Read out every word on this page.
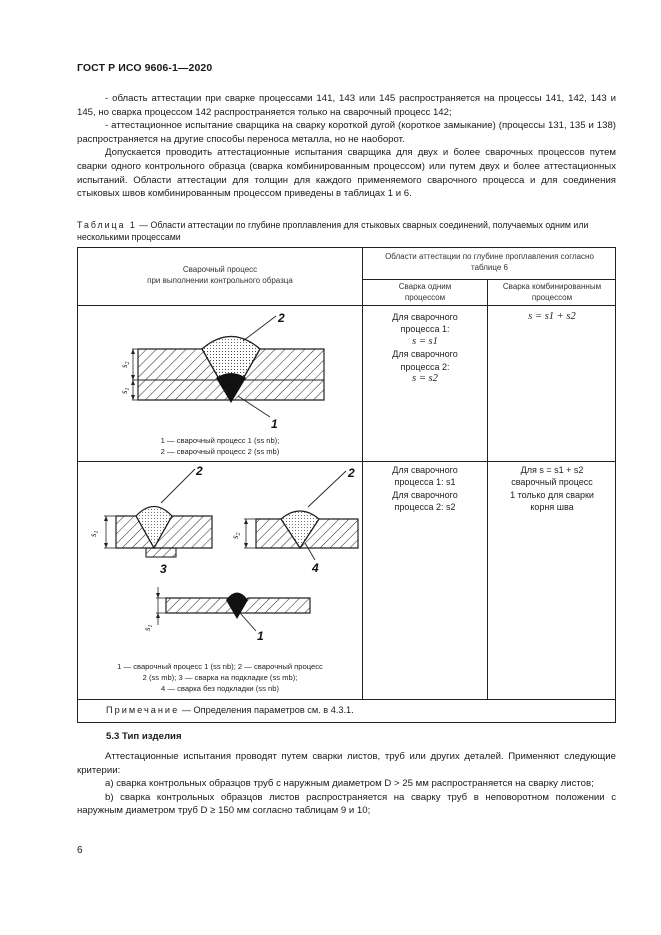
ГОСТ Р ИСО 9606-1—2020

- область аттестации при сварке процессами 141, 143 или 145 распространяется на процессы 141, 142, 143 и 145, но сварка процессом 142 распространяется только на сварочный процесс 142;

- аттестационное испытание сварщика на сварку короткой дугой (короткое замыкание) (процессы 131, 135 и 138) распространяется на другие способы переноса металла, но не наоборот.

Допускается проводить аттестационные испытания сварщика для двух и более сварочных процессов путем сварки одного контрольного образца (сварка комбинированным процессом) или путем двух и более аттестационных испытаний. Области аттестации для толщин для каждого применяемого сварочного процесса и для соединения стыковых швов комбинированным процессом приведены в таблицах 1 и 6.

Таблица 1 — Области аттестации по глубине проплавления для стыковых сварных соединений, получаемых одним или несколькими процессами
Сварочный процесс
при выполнении контрольного образца
Области аттестации по глубине проплавления согласно
таблице 6
Сварка одним
процессом
Сварка комбинированным
процессом
2
1
$s_2$
$s_1$
1 — сварочный процесс 1 (ss nb);
2 — сварочный процесс 2 (ss mb)
Для сварочного
процесса 1:
s = s1
Для сварочного
процесса 2:
s = s2
s = s1 + s2
2
3
$s_1$
2
4
$s_2$
1
$s_1$
1 — сварочный процесс 1 (ss nb); 2 — сварочный процесс
2 (ss mb); 3 — сварка на подкладке (ss mb);
4 — сварка без подкладки (ss nb)
Для сварочного
процесса 1: s1
Для сварочного
процесса 2: s2
Для s = s1 + s2
сварочный процесс
1 только для сварки
корня шва
Примечание — Определения параметров см. в 4.3.1.
5.3 Тип изделия

Аттестационные испытания проводят путем сварки листов, труб или других деталей. Применяют следующие критерии:

a) сварка контрольных образцов труб с наружным диаметром D > 25 мм распространяется на сварку листов;

b) сварка контрольных образцов листов распространяется на сварку труб в неповоротном положении с наружным диаметром труб D ≥ 150 мм согласно таблицам 9 и 10;

6
